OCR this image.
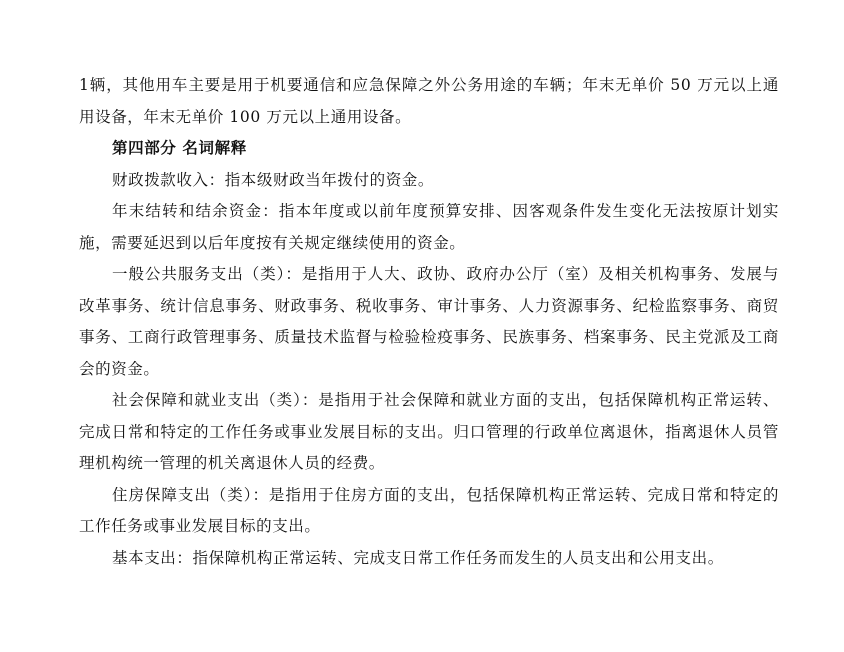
1辆，其他用车主要是用于机要通信和应急保障之外公务用途的车辆；年末无单价 50 万元以上通用设备，年末无单价 100 万元以上通用设备。

第四部分 名词解释

财政拨款收入：指本级财政当年拨付的资金。

年末结转和结余资金：指本年度或以前年度预算安排、因客观条件发生变化无法按原计划实施，需要延迟到以后年度按有关规定继续使用的资金。

一般公共服务支出（类）：是指用于人大、政协、政府办公厅（室）及相关机构事务、发展与改革事务、统计信息事务、财政事务、税收事务、审计事务、人力资源事务、纪检监察事务、商贸事务、工商行政管理事务、质量技术监督与检验检疫事务、民族事务、档案事务、民主党派及工商会的资金。

社会保障和就业支出（类）：是指用于社会保障和就业方面的支出，包括保障机构正常运转、完成日常和特定的工作任务或事业发展目标的支出。归口管理的行政单位离退休，指离退休人员管理机构统一管理的机关离退休人员的经费。

住房保障支出（类）：是指用于住房方面的支出，包括保障机构正常运转、完成日常和特定的工作任务或事业发展目标的支出。

基本支出：指保障机构正常运转、完成支日常工作任务而发生的人员支出和公用支出。
